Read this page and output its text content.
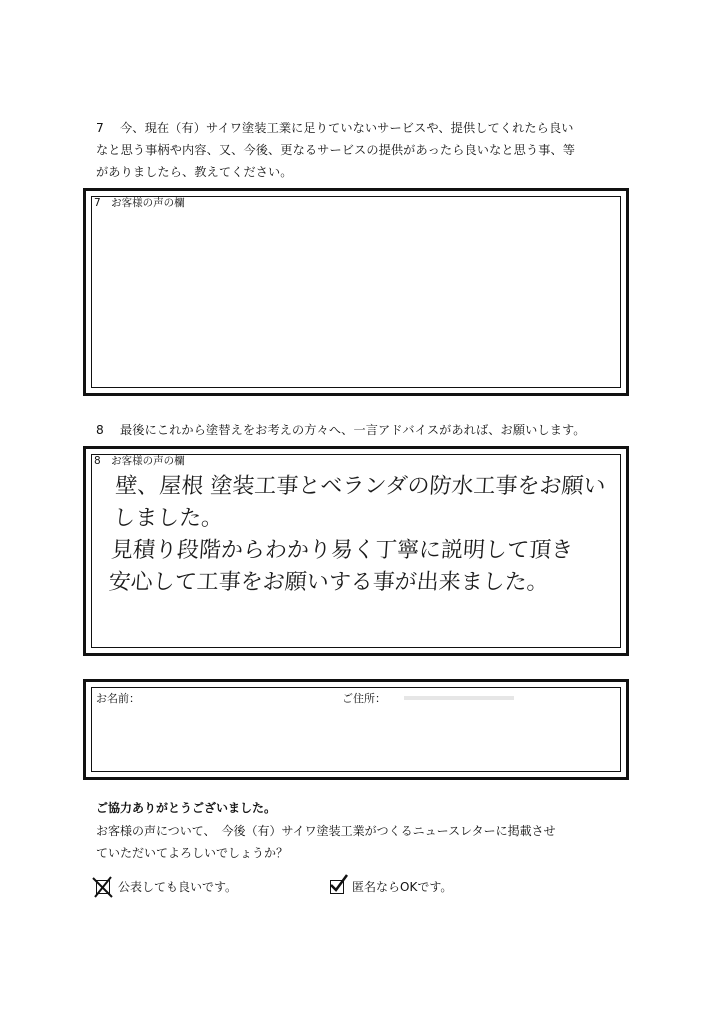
7 今、現在（有）サイワ塗装工業に足りていないサービスや、提供してくれたら良い
なと思う事柄や内容、又、今後、更なるサービスの提供があったら良いなと思う事、等
がありましたら、教えてください。
7　お客様の声の欄
8 最後にこれから塗替えをお考えの方々へ、一言アドバイスがあれば、お願いします。
8　お客様の声の欄
壁、屋根 塗装工事とベランダの防水工事をお願い
しました。
見積り段階からわかり易く丁寧に説明して頂き
安心して工事をお願いする事が出来ました。
お名前：	ご住所：
ご協力ありがとうございました。
お客様の声について、　今後（有）サイワ塗装工業がつくるニュースレターに掲載させ
ていただいてよろしいでしょうか？
公表しても良いです。	匿名ならOKです。
